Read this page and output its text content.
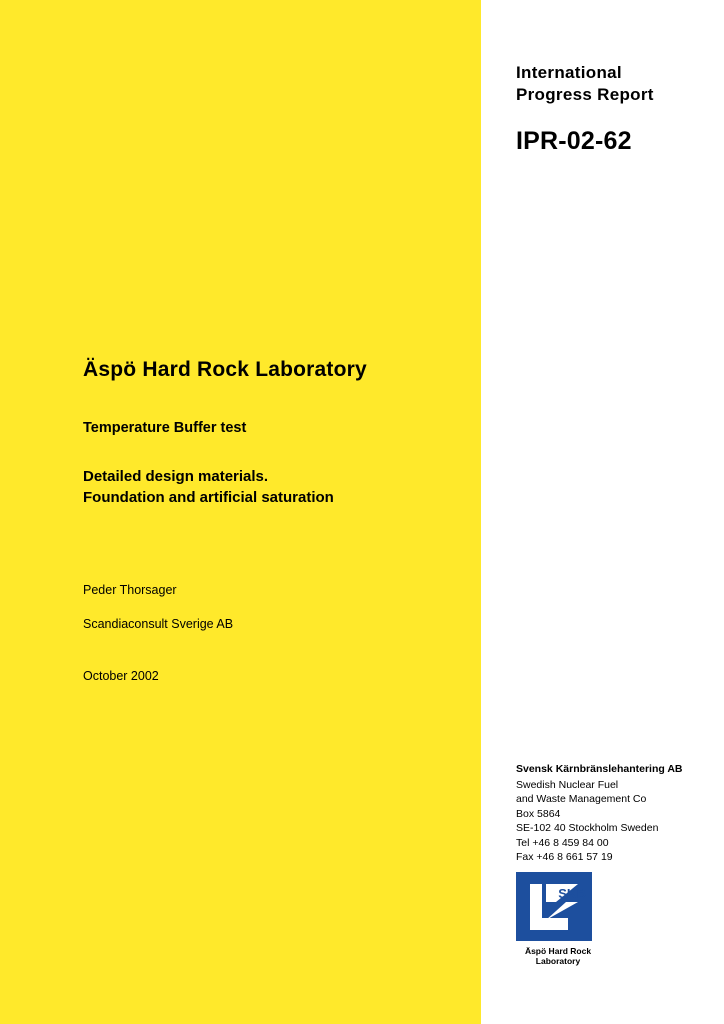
International
Progress Report
IPR-02-62
Äspö Hard Rock Laboratory
Temperature Buffer test

Detailed design materials.
Foundation and artificial saturation

Peder Thorsager

Scandiaconsult Sverige AB

October 2002
Svensk Kärnbränslehantering AB
Swedish Nuclear Fuel
and Waste Management Co
Box 5864
SE-102 40 Stockholm Sweden
Tel +46 8 459 84 00
Fax +46 8 661 57 19
SKB
Äspö Hard Rock
Laboratory
